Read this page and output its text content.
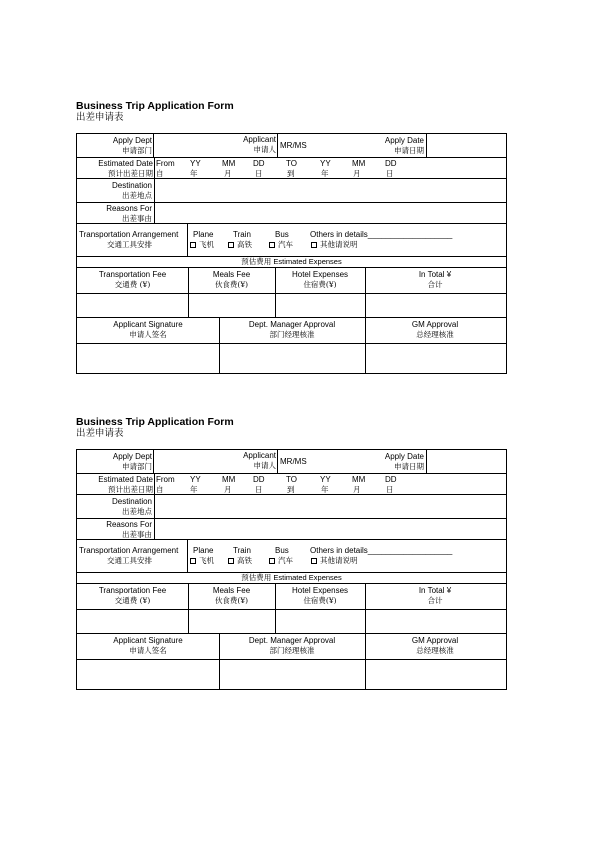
Business Trip Application Form
出差申请表
Apply Dept
申请部门
Applicant
申请人 MR/MS
Apply Date
申请日期
Estimated Date
预计出差日期
From
自
YY
年
MM
月
DD
日
TO
到
YY
年
MM
月
DD
日
Destination
出差地点
Reasons For
出差事由
Transportation Arrangement
交通工具安排
Plane
飞机
Train
高铁
Bus
汽车
Others in details___________________
其他请说明
预估费用 Estimated Expenses
Transportation Fee
交通费 (¥)
Meals Fee
伙食费(¥)
Hotel Expenses
住宿费(¥)
In Total ¥
合计
Applicant Signature
申请人签名
Dept. Manager Approval
部门经理核准
GM Approval
总经理核准
Business Trip Application Form
出差申请表
Apply Dept
申请部门
Applicant
申请人 MR/MS
Apply Date
申请日期
Estimated Date
预计出差日期
From
自
YY
年
MM
月
DD
日
TO
到
YY
年
MM
月
DD
日
Destination
出差地点
Reasons For
出差事由
Transportation Arrangement
交通工具安排
Plane
飞机
Train
高铁
Bus
汽车
Others in details___________________
其他请说明
预估费用 Estimated Expenses
Transportation Fee
交通费 (¥)
Meals Fee
伙食费(¥)
Hotel Expenses
住宿费(¥)
In Total ¥
合计
Applicant Signature
申请人签名
Dept. Manager Approval
部门经理核准
GM Approval
总经理核准
